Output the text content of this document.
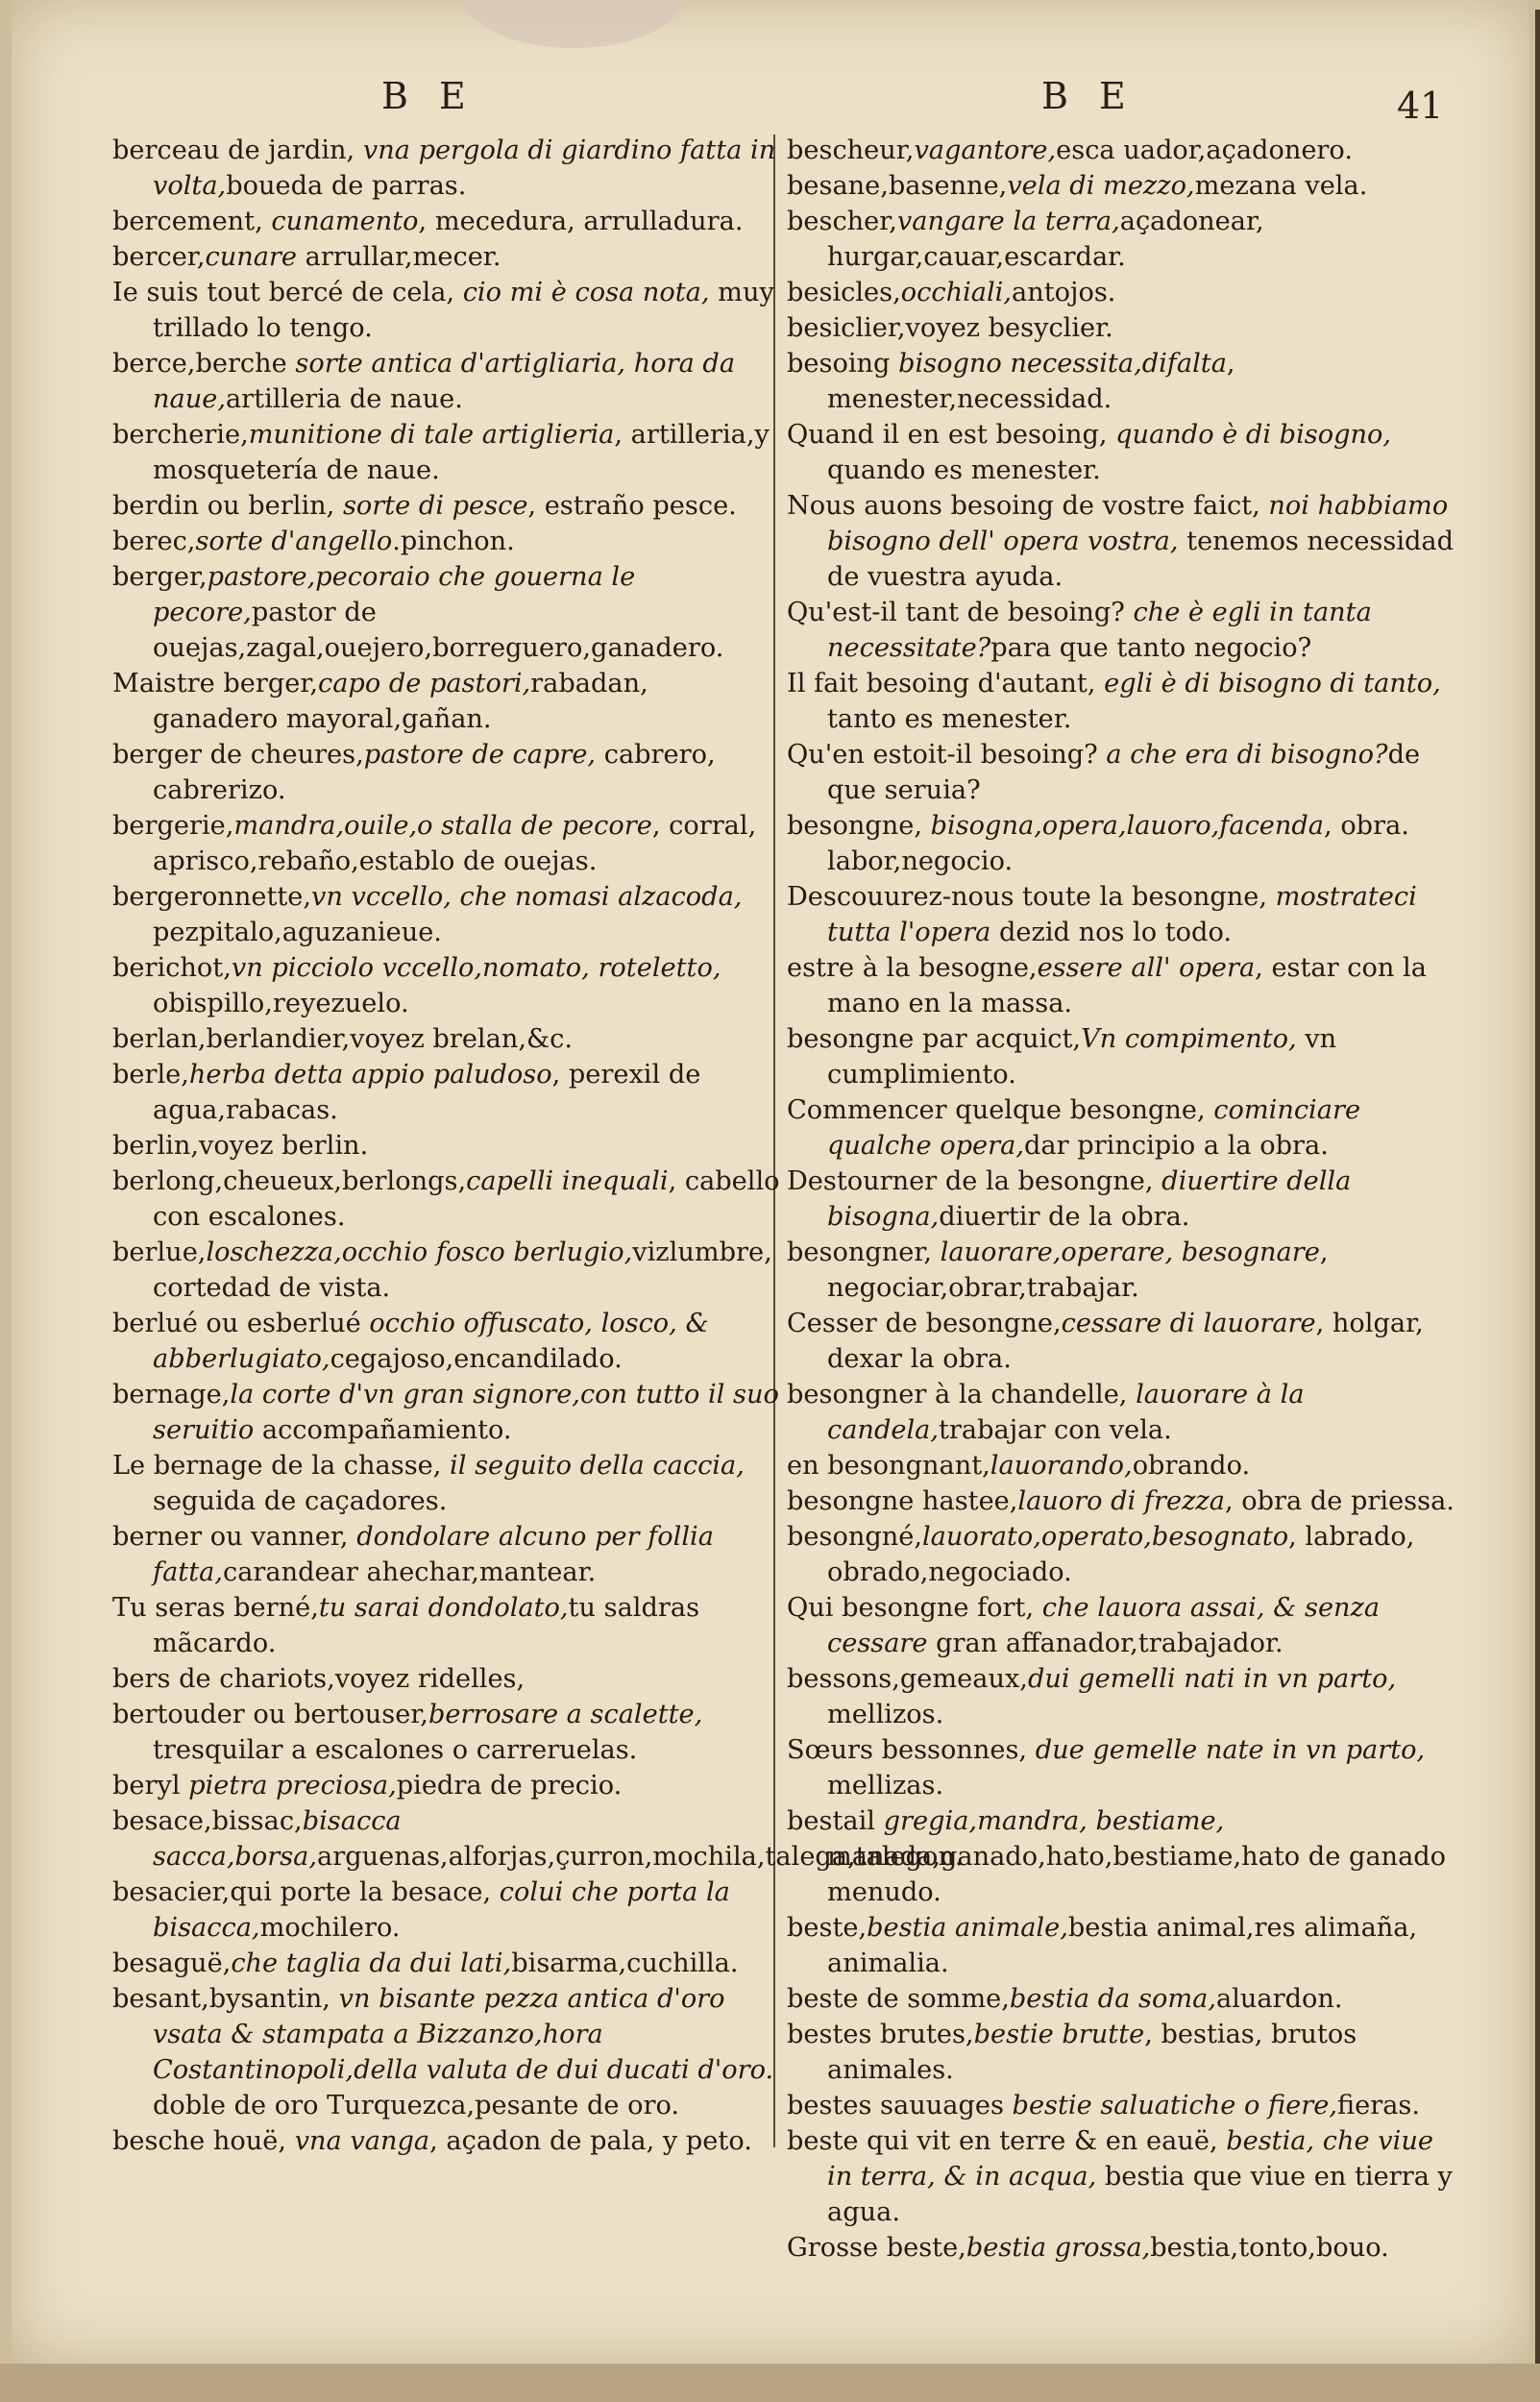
B E	B E	41

berceau de jardin, vna pergola di giardino fatta in volta,boueda de parras.

bercement, cunamento, mecedura, arrulladura.

bercer,cunare arrullar,mecer.

Ie suis tout bercé de cela, cio mi è cosa nota, muy trillado lo tengo.

berce,berche sorte antica d'artigliaria, hora da naue,artilleria de naue.

bercherie,munitione di tale artiglieria, artilleria,y mosquetería de naue.

berdin ou berlin, sorte di pesce, estraño pesce.

berec,sorte d'angello.pinchon.

berger,pastore,pecoraio che gouerna le pecore,pastor de ouejas,zagal,ouejero,borreguero,ganadero.

Maistre berger,capo de pastori,rabadan, ganadero mayoral,gañan.

berger de cheures,pastore de capre, cabrero, cabrerizo.

bergerie,mandra,ouile,o stalla de pecore, corral, aprisco,rebaño,establo de ouejas.

bergeronnette,vn vccello, che nomasi alzacoda, pezpitalo,aguzanieue.

berichot,vn picciolo vccello,nomato, roteletto, obispillo,reyezuelo.

berlan,berlandier,voyez brelan,&c.

berle,herba detta appio paludoso, perexil de agua,rabacas.

berlin,voyez berlin.

berlong,cheueux,berlongs,capelli inequali, cabello con escalones.

berlue,loschezza,occhio fosco berlugio,vizlumbre, cortedad de vista.

berlué ou esberlué occhio offuscato, losco, & abberlugiato,cegajoso,encandilado.

bernage,la corte d'vn gran signore,con tutto il suo seruitio accompañamiento.

Le bernage de la chasse, il seguito della caccia, seguida de caçadores.

berner ou vanner, dondolare alcuno per follia fatta,carandear ahechar,mantear.

Tu seras berné,tu sarai dondolato,tu saldras mãcardo.

bers de chariots,voyez ridelles,

bertouder ou bertouser,berrosare a scalette, tresquilar a escalones o carreruelas.

beryl pietra preciosa,piedra de precio.

besace,bissac,bisacca sacca,borsa,arguenas,alforjas,çurron,mochila,talega,talegon.

besacier,qui porte la besace, colui che porta la bisacca,mochilero.

besaguë,che taglia da dui lati,bisarma,cuchilla.

besant,bysantin, vn bisante pezza antica d'oro vsata & stampata a Bizzanzo,hora Costantinopoli,della valuta de dui ducati d'oro. doble de oro Turquezca,pesante de oro.

besche houë, vna vanga, açadon de pala, y peto.

bescheur,vagantore,esca uador,açadonero.

besane,basenne,vela di mezzo,mezana vela.

bescher,vangare la terra,açadonear, hurgar,cauar,escardar.

besicles,occhiali,antojos.

besiclier,voyez besyclier.

besoing bisogno necessita,difalta, menester,necessidad.

Quand il en est besoing, quando è di bisogno, quando es menester.

Nous auons besoing de vostre faict, noi habbiamo bisogno dell' opera vostra, tenemos necessidad de vuestra ayuda.

Qu'est-il tant de besoing? che è egli in tanta necessitate?para que tanto negocio?

Il fait besoing d'autant, egli è di bisogno di tanto, tanto es menester.

Qu'en estoit-il besoing? a che era di bisogno?de que seruia?

besongne, bisogna,opera,lauoro,facenda, obra. labor,negocio.

Descouurez-nous toute la besongne, mostrateci tutta l'opera dezid nos lo todo.

estre à la besogne,essere all' opera, estar con la mano en la massa.

besongne par acquict,Vn compimento, vn cumplimiento.

Commencer quelque besongne, cominciare qualche opera,dar principio a la obra.

Destourner de la besongne, diuertire della bisogna,diuertir de la obra.

besongner, lauorare,operare, besognare, negociar,obrar,trabajar.

Cesser de besongne,cessare di lauorare, holgar, dexar la obra.

besongner à la chandelle, lauorare à la candela,trabajar con vela.

en besongnant,lauorando,obrando.

besongne hastee,lauoro di frezza, obra de priessa.

besongné,lauorato,operato,besognato, labrado, obrado,negociado.

Qui besongne fort, che lauora assai, & senza cessare gran affanador,trabajador.

bessons,gemeaux,dui gemelli nati in vn parto, mellizos.

Sœurs bessonnes, due gemelle nate in vn parto, mellizas.

bestail gregia,mandra, bestiame, manada,ganado,hato,bestiame,hato de ganado menudo.

beste,bestia animale,bestia animal,res alimaña, animalia.

beste de somme,bestia da soma,aluardon.

bestes brutes,bestie brutte, bestias, brutos animales.

bestes sauuages bestie saluatiche o fiere,fieras.

beste qui vit en terre & en eauë, bestia, che viue in terra, & in acqua, bestia que viue en tierra y agua.

Grosse beste,bestia grossa,bestia,tonto,bouo.
